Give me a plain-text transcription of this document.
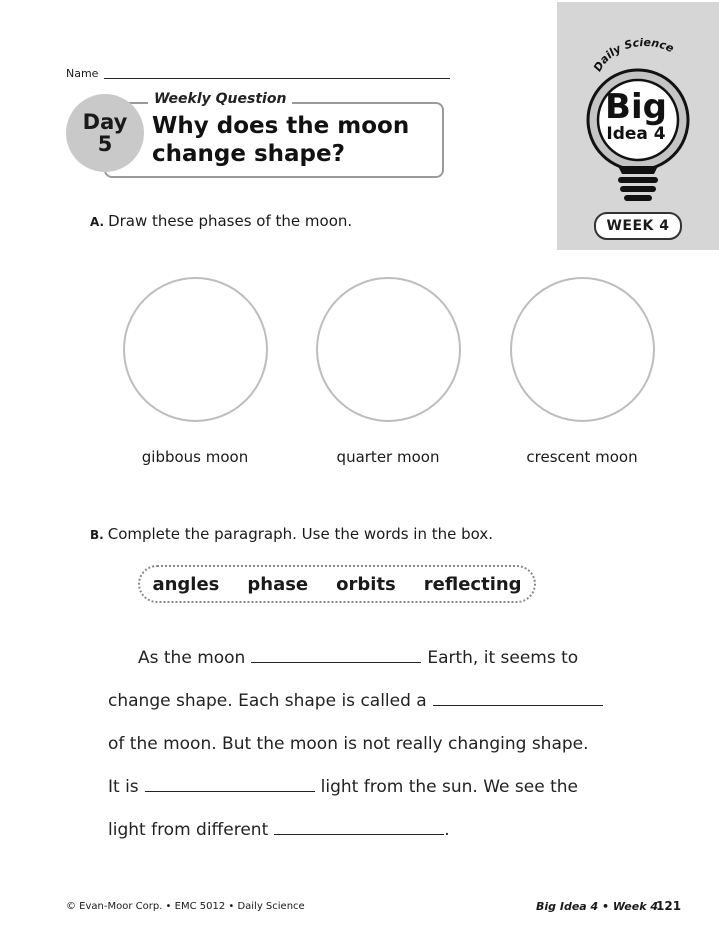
Name
Day
5
Weekly Question
Why does the moon change shape?
Daily Science
Big
Idea 4
WEEK 4
A. Draw these phases of the moon.
gibbous moon	quarter moon	crescent moon
B. Complete the paragraph. Use the words in the box.
angles phase orbits reflecting
As the moon	Earth, it seems to
change shape. Each shape is called a
of the moon. But the moon is not really changing shape.
It is	light from the sun. We see the
light from different	.
© Evan-Moor Corp. • EMC 5012 • Daily Science	Big Idea 4 • Week 4
121
